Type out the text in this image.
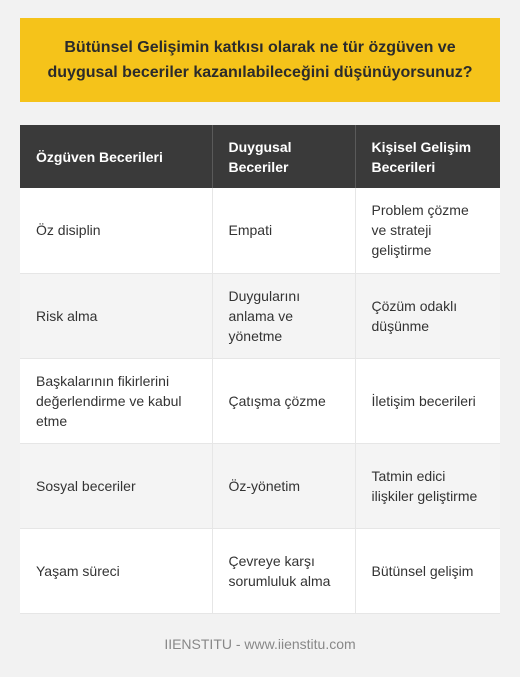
Bütünsel Gelişimin katkısı olarak ne tür özgüven ve duygusal beceriler kazanılabileceğini düşünüyorsunuz?
Özgüven Becerileri	Duygusal Beceriler	Kişisel Gelişim Becerileri
Öz disiplin	Empati	Problem çözme ve strateji geliştirme
Risk alma	Duygularını anlama ve yönetme	Çözüm odaklı düşünme
Başkalarının fikirlerini değerlendirme ve kabul etme	Çatışma çözme	İletişim becerileri
Sosyal beceriler	Öz-yönetim	Tatmin edici ilişkiler geliştirme
Yaşam süreci	Çevreye karşı sorumluluk alma	Bütünsel gelişim
IIENSTITU - www.iienstitu.com
